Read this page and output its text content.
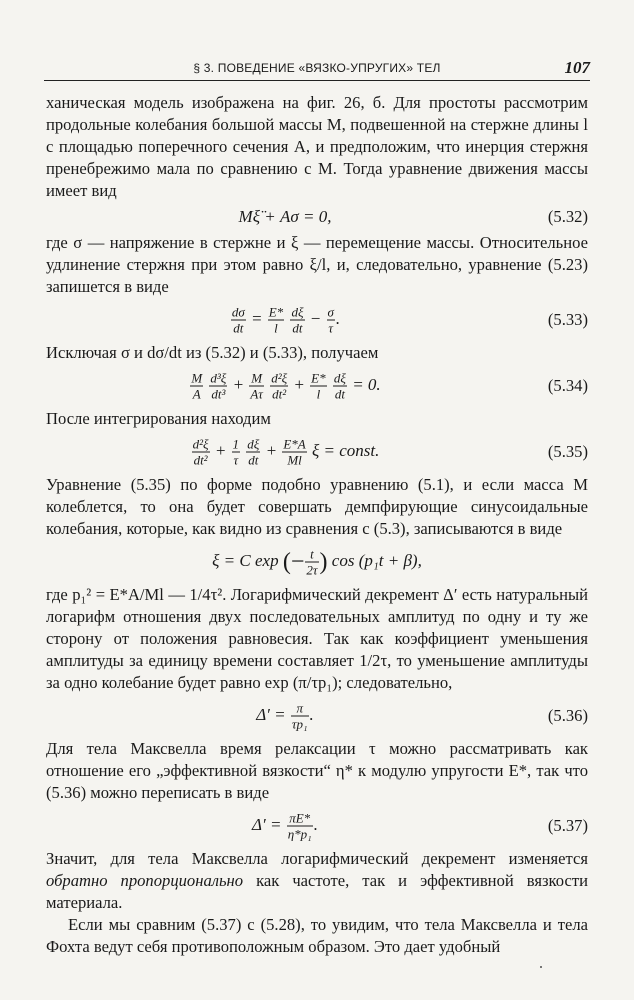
§ 3. ПОВЕДЕНИЕ «ВЯЗКО-УПРУГИХ» ТЕЛ	107

ханическая модель изображена на фиг. 26, б. Для простоты рассмотрим продольные колебания большой массы M, подвешенной на стержне длины l с площадью поперечного сечения A, и предположим, что инерция стержня пренебрежимо мала по сравнению с M. Тогда уравнение движения массы имеет вид

Mξ̈ + Aσ = 0,	(5.32)

где σ — напряжение в стержне и ξ — перемещение массы. Относительное удлинение стержня при этом равно ξ/l, и, следовательно, уравнение (5.23) запишется в виде

$\frac{d\sigma}{dt} = \frac{E*}{l}$
$\frac{d\xi}{dt} - \frac{\sigma}{\tau}$ .	(5.33)

Исключая σ и dσ/dt из (5.32) и (5.33), получаем

$\frac{M}{A}$
$\frac{\text{d³ξ}}{\text{dt³}} + \frac{M}{A\tau}$
$\frac{\text{d²ξ}}{\text{dt²}} + \frac{E*}{l}$
$\frac{d\xi}{dt} = 0$.	(5.34)

После интегрирования находим

$\frac{\text{d²ξ}}{\text{dt²}} + \frac{1}{\tau}$
$\frac{d\xi}{dt} + \frac{E*A}{Ml}$ ξ = const.	(5.35)

Уравнение (5.35) по форме подобно уравнению (5.1), и если масса M колеблется, то она будет совершать демпфирующие синусоидальные колебания, которые, как видно из сравнения с (5.3), записываются в виде

ξ = C exp (− $\frac{t}{2\tau}$ ) cos (p₁t + β),

где p₁² = E*A/Ml — 1/4τ². Логарифмический декремент Δ′ есть натуральный логарифм отношения двух последовательных амплитуд по одну и ту же сторону от положения равновесия. Так как коэффициент уменьшения амплитуды за единицу времени составляет 1/2τ, то уменьшение амплитуды за одно колебание будет равно exp (π/τp₁); следовательно,

$\Delta' = \frac{\pi}{\text{τp₁}}$ .	(5.36)

Для тела Максвелла время релаксации τ можно рассматривать как отношение его „эффективной вязкости“ η* к модулю упругости E*, так что (5.36) можно переписать в виде

$\Delta' = \frac{\pi E*}{\text{η*p₁}}$ .	(5.37)

Значит, для тела Максвелла логарифмический декремент изменяется обратно пропорционально как частоте, так и эффективной вязкости материала.

Если мы сравним (5.37) с (5.28), то увидим, что тела Максвелла и тела Фохта ведут себя противоположным образом. Это дает удобный
